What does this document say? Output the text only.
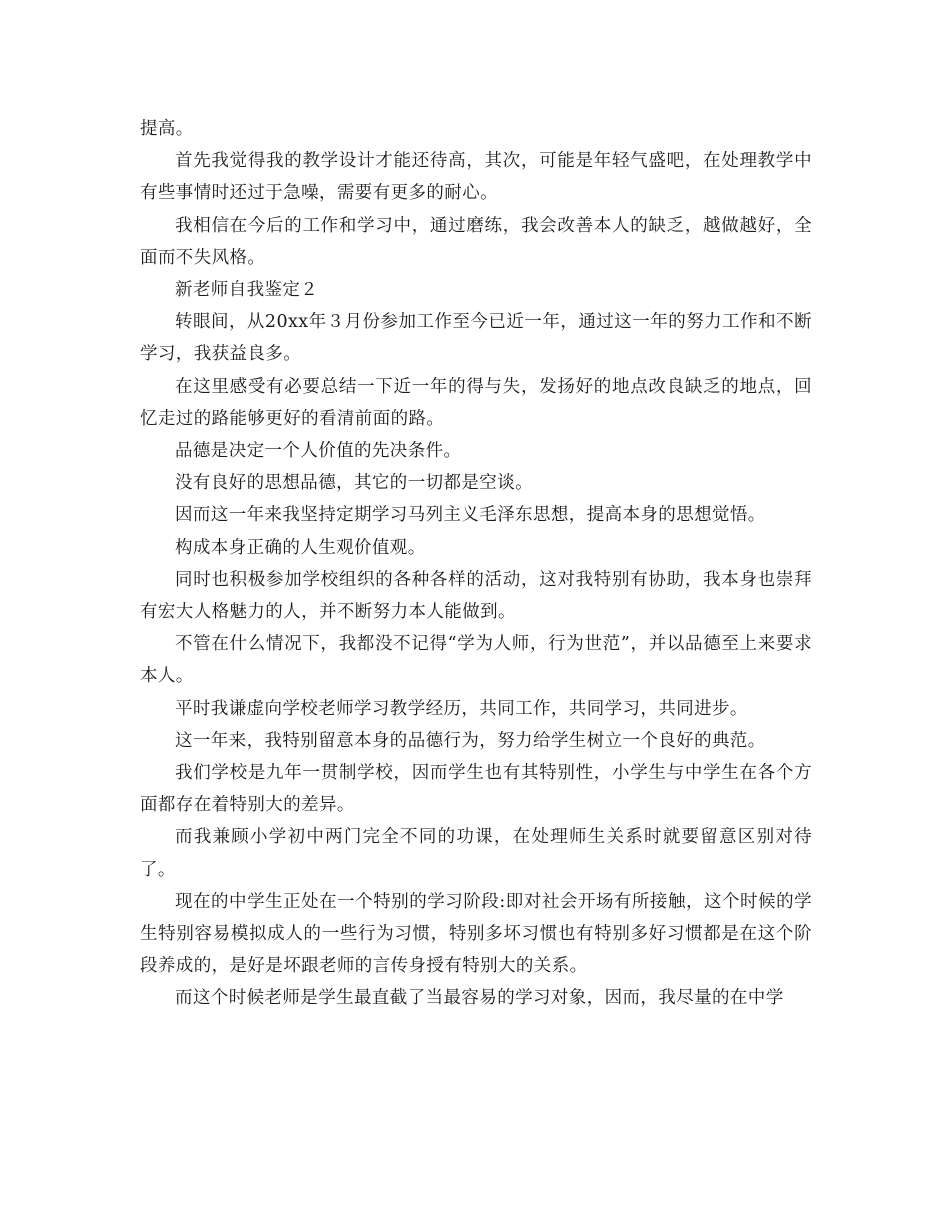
提高。

首先我觉得我的教学设计才能还待高，其次，可能是年轻气盛吧，在处理教学中有些事情时还过于急噪，需要有更多的耐心。

我相信在今后的工作和学习中，通过磨练，我会改善本人的缺乏，越做越好，全面而不失风格。

新老师自我鉴定２

转眼间，从20xx年３月份参加工作至今已近一年，通过这一年的努力工作和不断学习，我获益良多。

在这里感受有必要总结一下近一年的得与失，发扬好的地点改良缺乏的地点，回忆走过的路能够更好的看清前面的路。

品德是决定一个人价值的先决条件。

没有良好的思想品德，其它的一切都是空谈。

因而这一年来我坚持定期学习马列主义毛泽东思想，提高本身的思想觉悟。

构成本身正确的人生观价值观。

同时也积极参加学校组织的各种各样的活动，这对我特别有协助，我本身也崇拜有宏大人格魅力的人，并不断努力本人能做到。

不管在什么情况下，我都没不记得“学为人师，行为世范”，并以品德至上来要求本人。

平时我谦虚向学校老师学习教学经历，共同工作，共同学习，共同进步。

这一年来，我特别留意本身的品德行为，努力给学生树立一个良好的典范。

我们学校是九年一贯制学校，因而学生也有其特别性，小学生与中学生在各个方面都存在着特别大的差异。

而我兼顾小学初中两门完全不同的功课，在处理师生关系时就要留意区别对待了。

现在的中学生正处在一个特别的学习阶段:即对社会开场有所接触，这个时候的学生特别容易模拟成人的一些行为习惯，特别多坏习惯也有特别多好习惯都是在这个阶段养成的，是好是坏跟老师的言传身授有特别大的关系。

而这个时候老师是学生最直截了当最容易的学习对象，因而，我尽量的在中学
